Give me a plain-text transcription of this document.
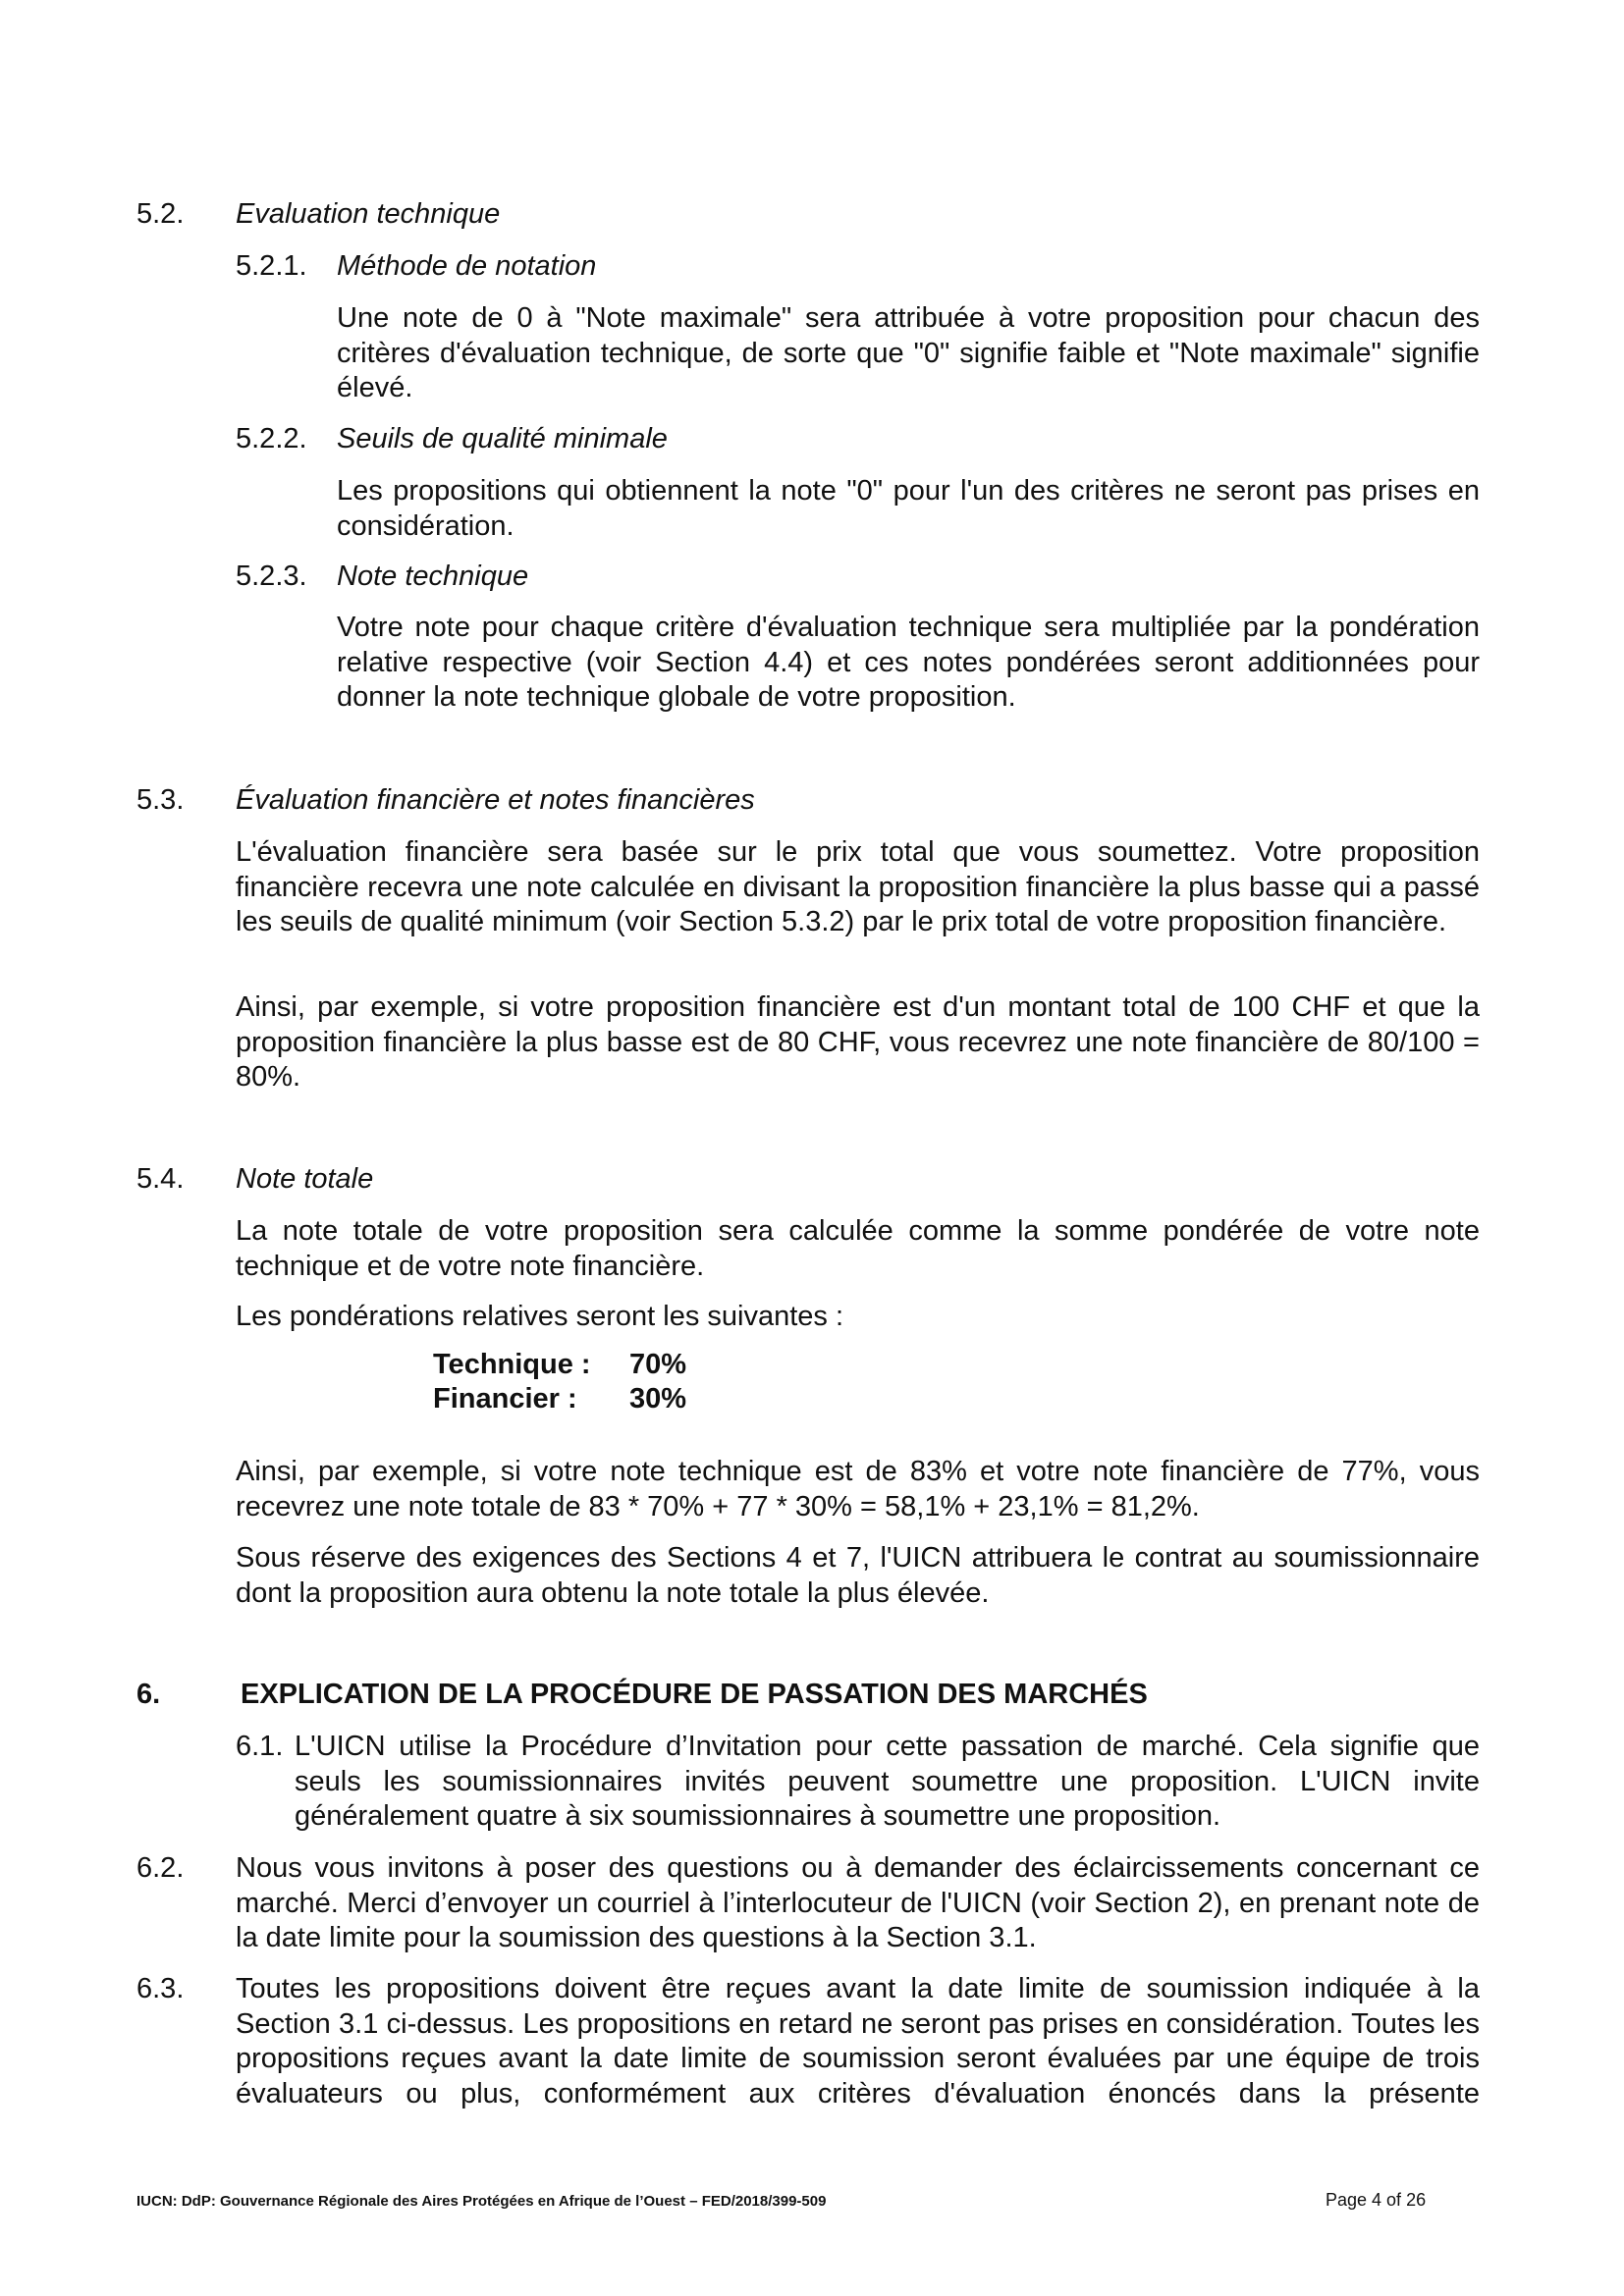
5.2. Evaluation technique
5.2.1. Méthode de notation

Une note de 0 à "Note maximale" sera attribuée à votre proposition pour chacun des critères d'évaluation technique, de sorte que "0" signifie faible et "Note maximale" signifie élevé.

5.2.2. Seuils de qualité minimale

Les propositions qui obtiennent la note "0" pour l'un des critères ne seront pas prises en considération.

5.2.3. Note technique

Votre note pour chaque critère d'évaluation technique sera multipliée par la pondération relative respective (voir Section 4.4) et ces notes pondérées seront additionnées pour donner la note technique globale de votre proposition.

5.3. Évaluation financière et notes financières

L'évaluation financière sera basée sur le prix total que vous soumettez. Votre proposition financière recevra une note calculée en divisant la proposition financière la plus basse qui a passé les seuils de qualité minimum (voir Section 5.3.2) par le prix total de votre proposition financière.

Ainsi, par exemple, si votre proposition financière est d'un montant total de 100 CHF et que la proposition financière la plus basse est de 80 CHF, vous recevrez une note financière de 80/100 = 80%.

5.4. Note totale

La note totale de votre proposition sera calculée comme la somme pondérée de votre note technique et de votre note financière.

Les pondérations relatives seront les suivantes :

Technique :	70%
Financier :	30%

Ainsi, par exemple, si votre note technique est de 83% et votre note financière de 77%, vous recevrez une note totale de 83 * 70% + 77 * 30% = 58,1% + 23,1% = 81,2%.

Sous réserve des exigences des Sections 4 et 7, l'UICN attribuera le contrat au soumissionnaire dont la proposition aura obtenu la note totale la plus élevée.

6.	EXPLICATION DE LA PROCÉDURE DE PASSATION DES MARCHÉS
6.1. L'UICN utilise la Procédure d’Invitation pour cette passation de marché. Cela signifie que seuls les soumissionnaires invités peuvent soumettre une proposition. L'UICN invite généralement quatre à six soumissionnaires à soumettre une proposition.

6.2. Nous vous invitons à poser des questions ou à demander des éclaircissements concernant ce marché. Merci d’envoyer un courriel à l’interlocuteur de l'UICN (voir Section 2), en prenant note de la date limite pour la soumission des questions à la Section 3.1.

6.3. Toutes les propositions doivent être reçues avant la date limite de soumission indiquée à la Section 3.1 ci-dessus. Les propositions en retard ne seront pas prises en considération. Toutes les propositions reçues avant la date limite de soumission seront évaluées par une équipe de trois évaluateurs ou plus, conformément aux critères d'évaluation énoncés dans la présente

IUCN: DdP: Gouvernance Régionale des Aires Protégées en Afrique de l’Ouest – FED/2018/399-509	Page 4 of 26
